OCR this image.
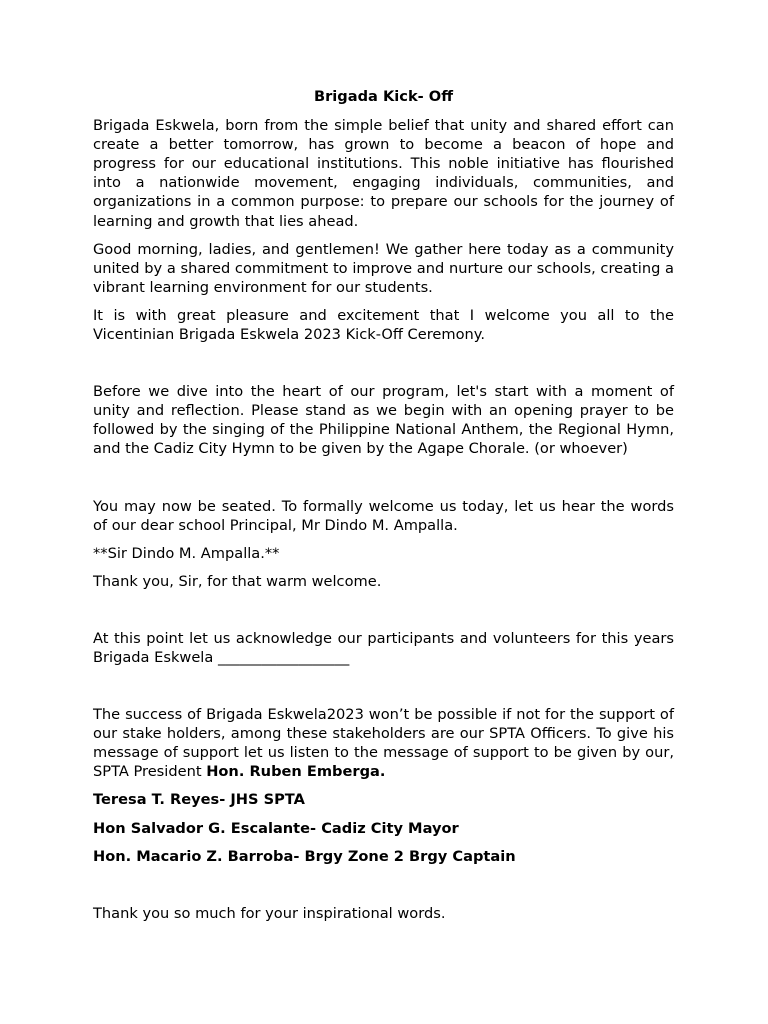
Brigada Kick- Off

Brigada Eskwela, born from the simple belief that unity and shared effort can create a better tomorrow, has grown to become a beacon of hope and progress for our educational institutions. This noble initiative has flourished into a nationwide movement, engaging individuals, communities, and organizations in a common purpose: to prepare our schools for the journey of learning and growth that lies ahead.

Good morning, ladies, and gentlemen! We gather here today as a community united by a shared commitment to improve and nurture our schools, creating a vibrant learning environment for our students.

It is with great pleasure and excitement that I welcome you all to the Vicentinian Brigada Eskwela 2023 Kick-Off Ceremony.

Before we dive into the heart of our program, let's start with a moment of unity and reflection. Please stand as we begin with an opening prayer to be followed by the singing of the Philippine National Anthem, the Regional Hymn, and the Cadiz City Hymn to be given by the Agape Chorale. (or whoever)

You may now be seated. To formally welcome us today, let us hear the words of our dear school Principal, Mr Dindo M. Ampalla.

**Sir Dindo M. Ampalla.**

Thank you, Sir, for that warm welcome.

At this point let us acknowledge our participants and volunteers for this years Brigada Eskwela __________________

The success of Brigada Eskwela2023 won’t be possible if not for the support of our stake holders, among these stakeholders are our SPTA Officers. To give his message of support let us listen to the message of support to be given by our, SPTA President Hon. Ruben Emberga.

Teresa T. Reyes- JHS SPTA

Hon Salvador G. Escalante- Cadiz City Mayor

Hon. Macario Z. Barroba- Brgy Zone 2 Brgy Captain

Thank you so much for your inspirational words.
